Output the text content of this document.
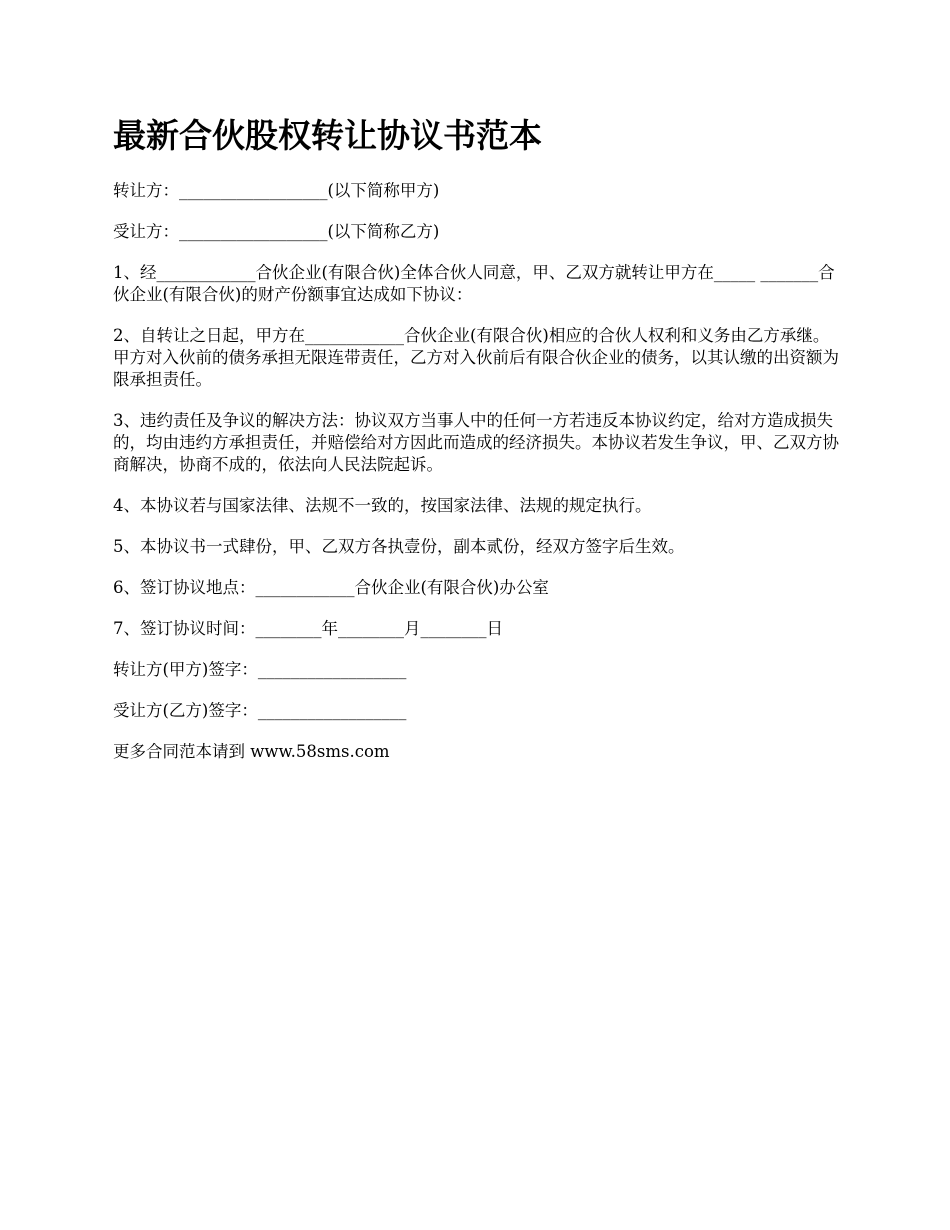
最新合伙股权转让协议书范本

转让方：__________________(以下简称甲方)

受让方：__________________(以下简称乙方)

1、经____________合伙企业(有限合伙)全体合伙人同意，甲、乙双方就转让甲方在_____ _______合伙企业(有限合伙)的财产份额事宜达成如下协议：

2、自转让之日起，甲方在____________合伙企业(有限合伙)相应的合伙人权利和义务由乙方承继。甲方对入伙前的债务承担无限连带责任，乙方对入伙前后有限合伙企业的债务，以其认缴的出资额为限承担责任。

3、违约责任及争议的解决方法：协议双方当事人中的任何一方若违反本协议约定，给对方造成损失的，均由违约方承担责任，并赔偿给对方因此而造成的经济损失。本协议若发生争议，甲、乙双方协商解决，协商不成的，依法向人民法院起诉。

4、本协议若与国家法律、法规不一致的，按国家法律、法规的规定执行。

5、本协议书一式肆份，甲、乙双方各执壹份，副本贰份，经双方签字后生效。

6、签订协议地点：____________合伙企业(有限合伙)办公室

7、签订协议时间：________年________月________日

转让方(甲方)签字：__________________

受让方(乙方)签字：__________________

更多合同范本请到 www.58sms.com
